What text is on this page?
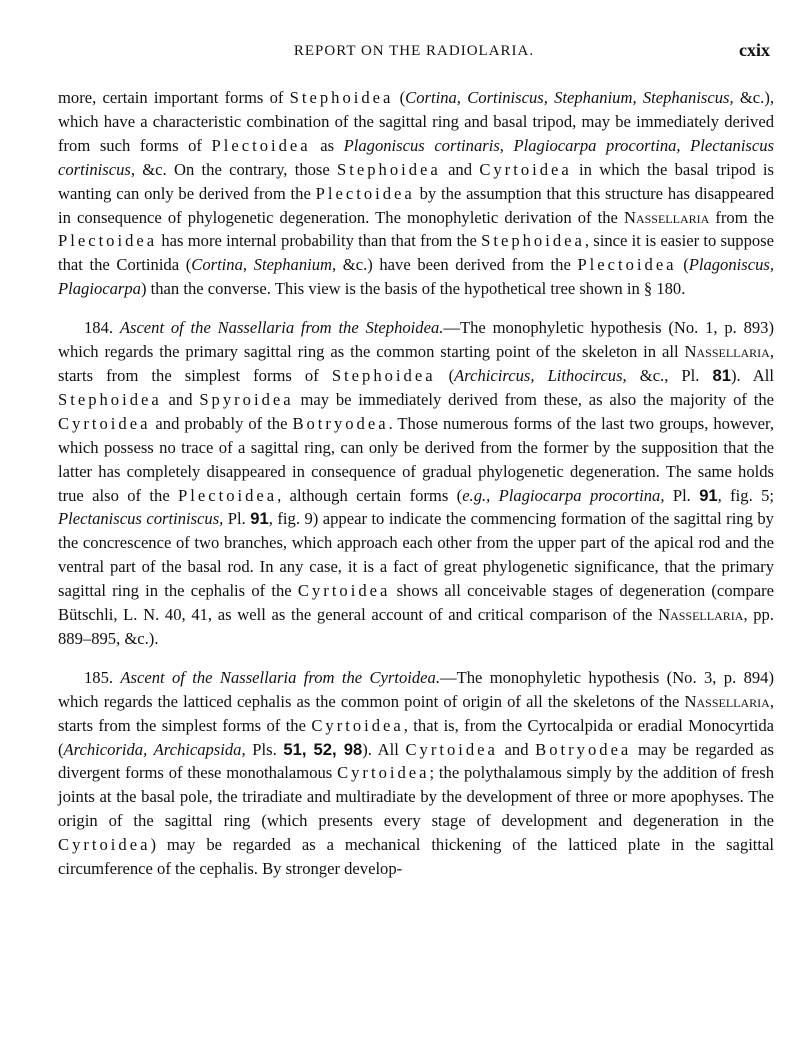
REPORT ON THE RADIOLARIA.	cxix

more, certain important forms of Stephoidea (Cortina, Cortiniscus, Stephanium, Stephaniscus, &c.), which have a characteristic combination of the sagittal ring and basal tripod, may be immediately derived from such forms of Plectoidea as Plagoniscus cortinaris, Plagiocarpa procortina, Plectaniscus cortiniscus, &c. On the contrary, those Stephoidea and Cyrtoidea in which the basal tripod is wanting can only be derived from the Plectoidea by the assumption that this structure has disappeared in consequence of phylogenetic degeneration. The monophyletic derivation of the Nassellaria from the Plectoidea has more internal probability than that from the Stephoidea, since it is easier to suppose that the Cortinida (Cortina, Stephanium, &c.) have been derived from the Plectoidea (Plagoniscus, Plagiocarpa) than the converse. This view is the basis of the hypothetical tree shown in § 180.

184. Ascent of the Nassellaria from the Stephoidea.—The monophyletic hypothesis (No. 1, p. 893) which regards the primary sagittal ring as the common starting point of the skeleton in all Nassellaria, starts from the simplest forms of Stephoidea (Archicircus, Lithocircus, &c., Pl. 81). All Stephoidea and Spyroidea may be immediately derived from these, as also the majority of the Cyrtoidea and probably of the Botryodea. Those numerous forms of the last two groups, however, which possess no trace of a sagittal ring, can only be derived from the former by the supposition that the latter has completely disappeared in consequence of gradual phylogenetic degeneration. The same holds true also of the Plectoidea, although certain forms (e.g., Plagiocarpa procortina, Pl. 91, fig. 5; Plectaniscus cortiniscus, Pl. 91, fig. 9) appear to indicate the commencing formation of the sagittal ring by the concrescence of two branches, which approach each other from the upper part of the apical rod and the ventral part of the basal rod. In any case, it is a fact of great phylogenetic significance, that the primary sagittal ring in the cephalis of the Cyrtoidea shows all conceivable stages of degeneration (compare Bütschli, L. N. 40, 41, as well as the general account of and critical comparison of the Nassellaria, pp. 889–895, &c.).

185. Ascent of the Nassellaria from the Cyrtoidea.—The monophyletic hypothesis (No. 3, p. 894) which regards the latticed cephalis as the common point of origin of all the skeletons of the Nassellaria, starts from the simplest forms of the Cyrtoidea, that is, from the Cyrtocalpida or eradial Monocyrtida (Archicorida, Archicapsida, Pls. 51, 52, 98). All Cyrtoidea and Botryodea may be regarded as divergent forms of these monothalamous Cyrtoidea; the polythalamous simply by the addition of fresh joints at the basal pole, the triradiate and multiradiate by the development of three or more apophyses. The origin of the sagittal ring (which presents every stage of development and degeneration in the Cyrtoidea) may be regarded as a mechanical thickening of the latticed plate in the sagittal circumference of the cephalis. By stronger develop-
